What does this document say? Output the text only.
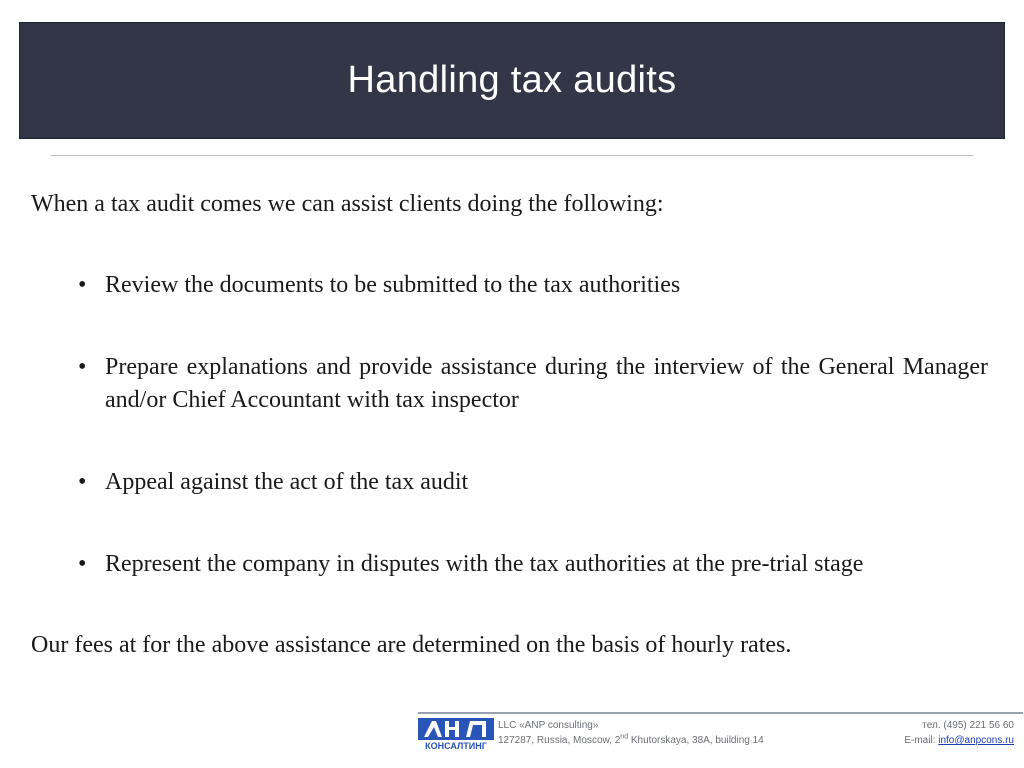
Handling tax audits
When a tax audit comes we can assist clients doing the following:
• Review the documents to be submitted to the tax authorities
• Prepare explanations and provide assistance during the interview of the General Manager and/or Chief Accountant with tax inspector
• Appeal against the act of the tax audit
• Represent the company in disputes with the tax authorities at the pre-trial stage
Our fees at for the above assistance are determined on the basis of hourly rates.
КОНСАЛТИНГ
LLC «ANP consulting»
127287, Russia, Moscow, 2nd Khutorskaya, 38A, building 14
тел. (495) 221 56 60
E-mail: info@anpcons.ru
